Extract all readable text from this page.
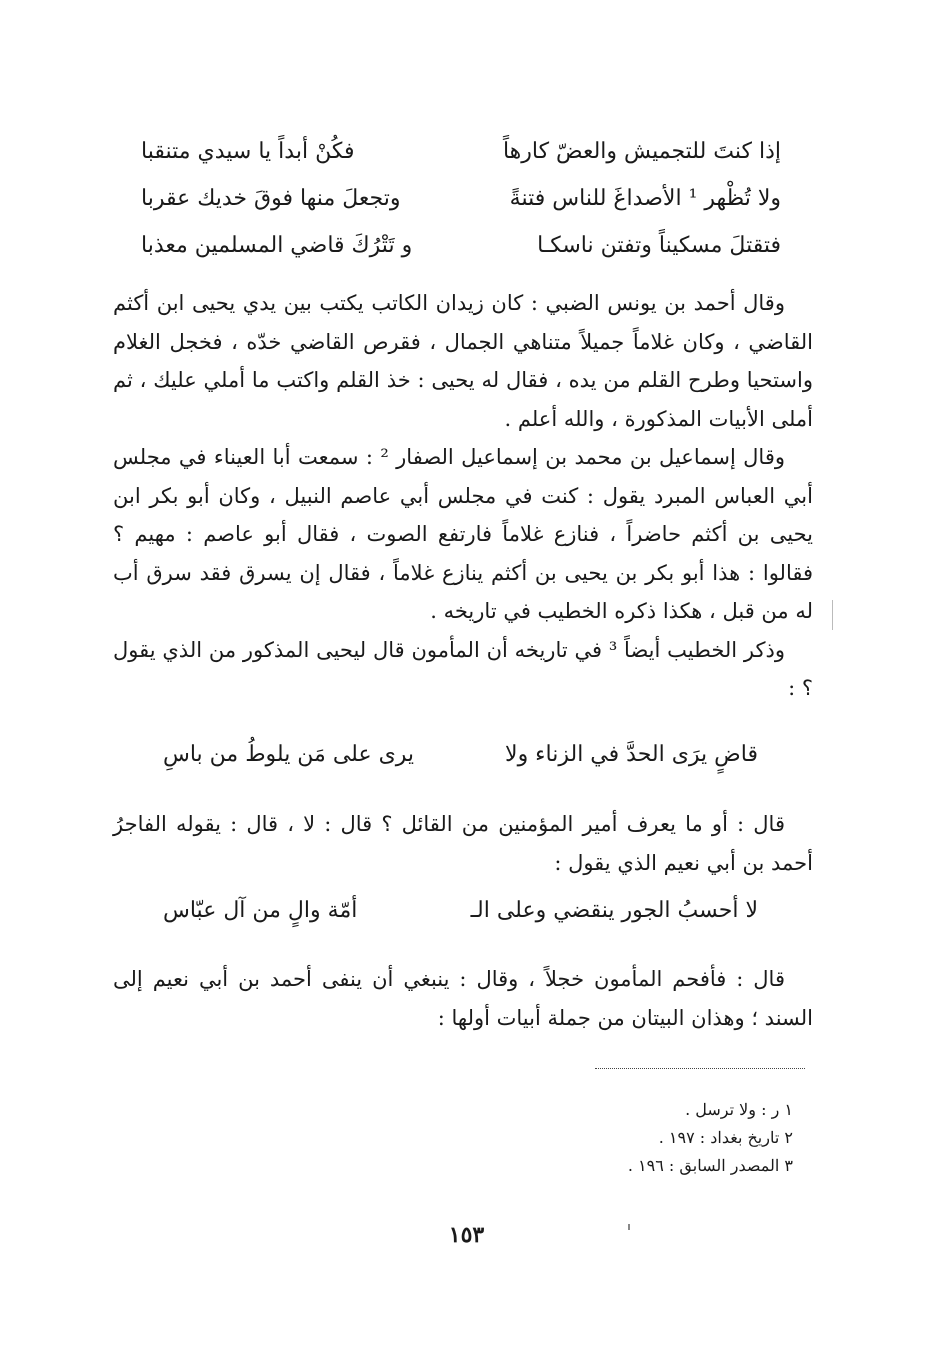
إذا كنتَ للتجميش والعضّ كارهاً
فكُنْ أبداً يا سيدي متنقبا
ولا تُظْهر ¹ الأصداغَ للناس فتنةً
وتجعلَ منها فوقَ خديك عقربا
فتقتلَ مسكيناً وتفتن ناسكـا
و تَتْرُكَ قاضي المسلمين معذبا

وقال أحمد بن يونس الضبي : كان زيدان الكاتب يكتب بين يدي يحيى ابن أكثم القاضي ، وكان غلاماً جميلاً متناهي الجمال ، فقرص القاضي خدّه ، فخجل الغلام واستحيا وطرح القلم من يده ، فقال له يحيى : خذ القلم واكتب ما أملي عليك ، ثم أملى الأبيات المذكورة ، والله أعلم .

وقال إسماعيل بن محمد بن إسماعيل الصفار ² : سمعت أبا العيناء في مجلس أبي العباس المبرد يقول : كنت في مجلس أبي عاصم النبيل ، وكان أبو بكر ابن يحيى بن أكثم حاضراً ، فنازع غلاماً فارتفع الصوت ، فقال أبو عاصم : مهيم ؟ فقالوا : هذا أبو بكر بن يحيى بن أكثم ينازع غلاماً ، فقال إن يسرق فقد سرق أب له من قبل ، هكذا ذكره الخطيب في تاريخه .

وذكر الخطيب أيضاً ³ في تاريخه أن المأمون قال ليحيى المذكور من الذي يقول ؟ :

قاضٍ يرَى الحدَّ في الزناء ولا
يرى على مَن يلوطُ من باسِ

قال : أو ما يعرف أمير المؤمنين من القائل ؟ قال : لا ، قال : يقوله الفاجرُ أحمد بن أبي نعيم الذي يقول :

لا أحسبُ الجور ينقضي وعلى الـ
أمّة والٍ من آل عبّاس

قال : فأفحم المأمون خجلاً ، وقال : ينبغي أن ينفى أحمد بن أبي نعيم إلى السند ؛ وهذان البيتان من جملة أبيات أولها :

١ ر : ولا ترسل .
٢ تاريخ بغداد : ١٩٧ .
٣ المصدر السابق : ١٩٦ .
١٥٣
